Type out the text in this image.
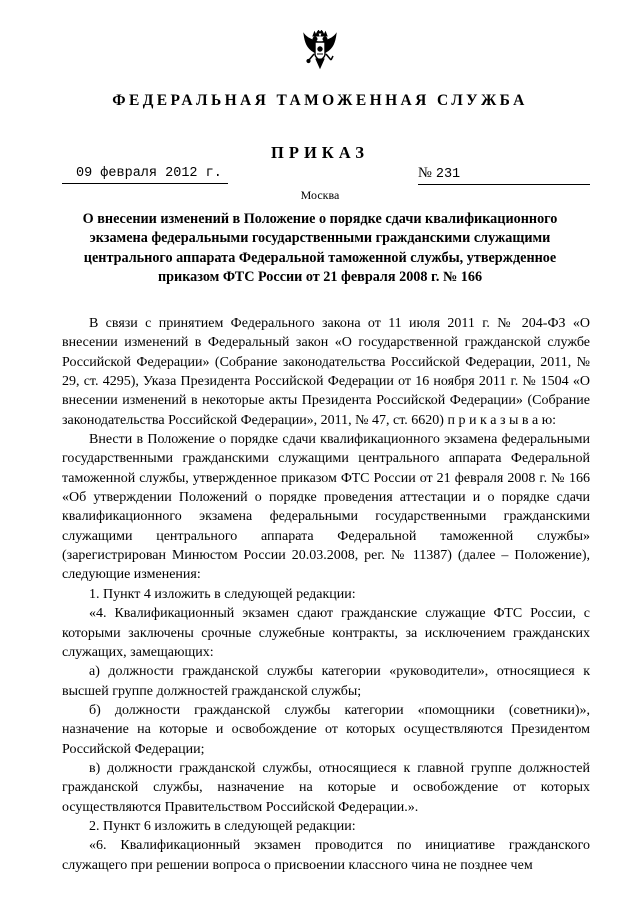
ФЕДЕРАЛЬНАЯ ТАМОЖЕННАЯ СЛУЖБА
ПРИКАЗ
09 февраля 2012 г.	№ 231
Москва
О внесении изменений в Положение о порядке сдачи квалификационного экзамена федеральными государственными гражданскими служащими центрального аппарата Федеральной таможенной службы, утвержденное приказом ФТС России от 21 февраля 2008 г. № 166

В связи с принятием Федерального закона от 11 июля 2011 г. № 204-ФЗ «О внесении изменений в Федеральный закон «О государственной гражданской службе Российской Федерации» (Собрание законодательства Российской Федерации, 2011, № 29, ст. 4295), Указа Президента Российской Федерации от 16 ноября 2011 г. № 1504 «О внесении изменений в некоторые акты Президента Российской Федерации» (Собрание законодательства Российской Федерации», 2011, № 47, ст. 6620) п р и к а з ы в а ю:

Внести в Положение о порядке сдачи квалификационного экзамена федеральными государственными гражданскими служащими центрального аппарата Федеральной таможенной службы, утвержденное приказом ФТС России от 21 февраля 2008 г. № 166 «Об утверждении Положений о порядке проведения аттестации и о порядке сдачи квалификационного экзамена федеральными государственными гражданскими служащими центрального аппарата Федеральной таможенной службы» (зарегистрирован Минюстом России 20.03.2008, рег. № 11387) (далее – Положение), следующие изменения:

1. Пункт 4 изложить в следующей редакции:

«4. Квалификационный экзамен сдают гражданские служащие ФТС России, с которыми заключены срочные служебные контракты, за исключением гражданских служащих, замещающих:

а) должности гражданской службы категории «руководители», относящиеся к высшей группе должностей гражданской службы;

б) должности гражданской службы категории «помощники (советники)», назначение на которые и освобождение от которых осуществляются Президентом Российской Федерации;

в) должности гражданской службы, относящиеся к главной группе должностей гражданской службы, назначение на которые и освобождение от которых осуществляются Правительством Российской Федерации.».

2. Пункт 6 изложить в следующей редакции:

«6. Квалификационный экзамен проводится по инициативе гражданского служащего при решении вопроса о присвоении классного чина не позднее чем
